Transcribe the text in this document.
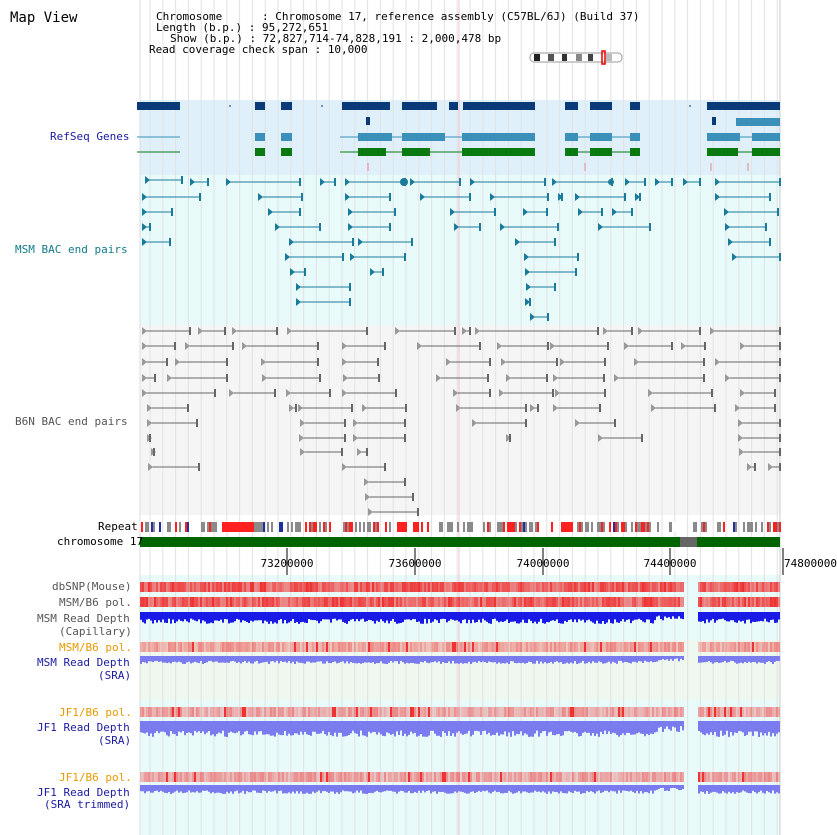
Map View	Chromosome      : Chromosome 17, reference assembly (C57BL/6J) (Build 37)
Length (b.p.) : 95,272,651
Show (b.p.) : 72,827,714-74,828,191 : 2,000,478 bp
Read coverage check span : 10,000
RefSeq Genes
MSM BAC end pairs
B6N BAC end pairs
Repeat
chromosome 17
dbSNP(Mouse)
MSM/B6 pol.
MSM Read Depth
(Capillary)
MSM/B6 pol.
MSM Read Depth
(SRA)
JF1/B6 pol.
JF1 Read Depth
(SRA)
JF1/B6 pol.
JF1 Read Depth
(SRA trimmed)
73200000	73600000	74000000	74400000	74800000
